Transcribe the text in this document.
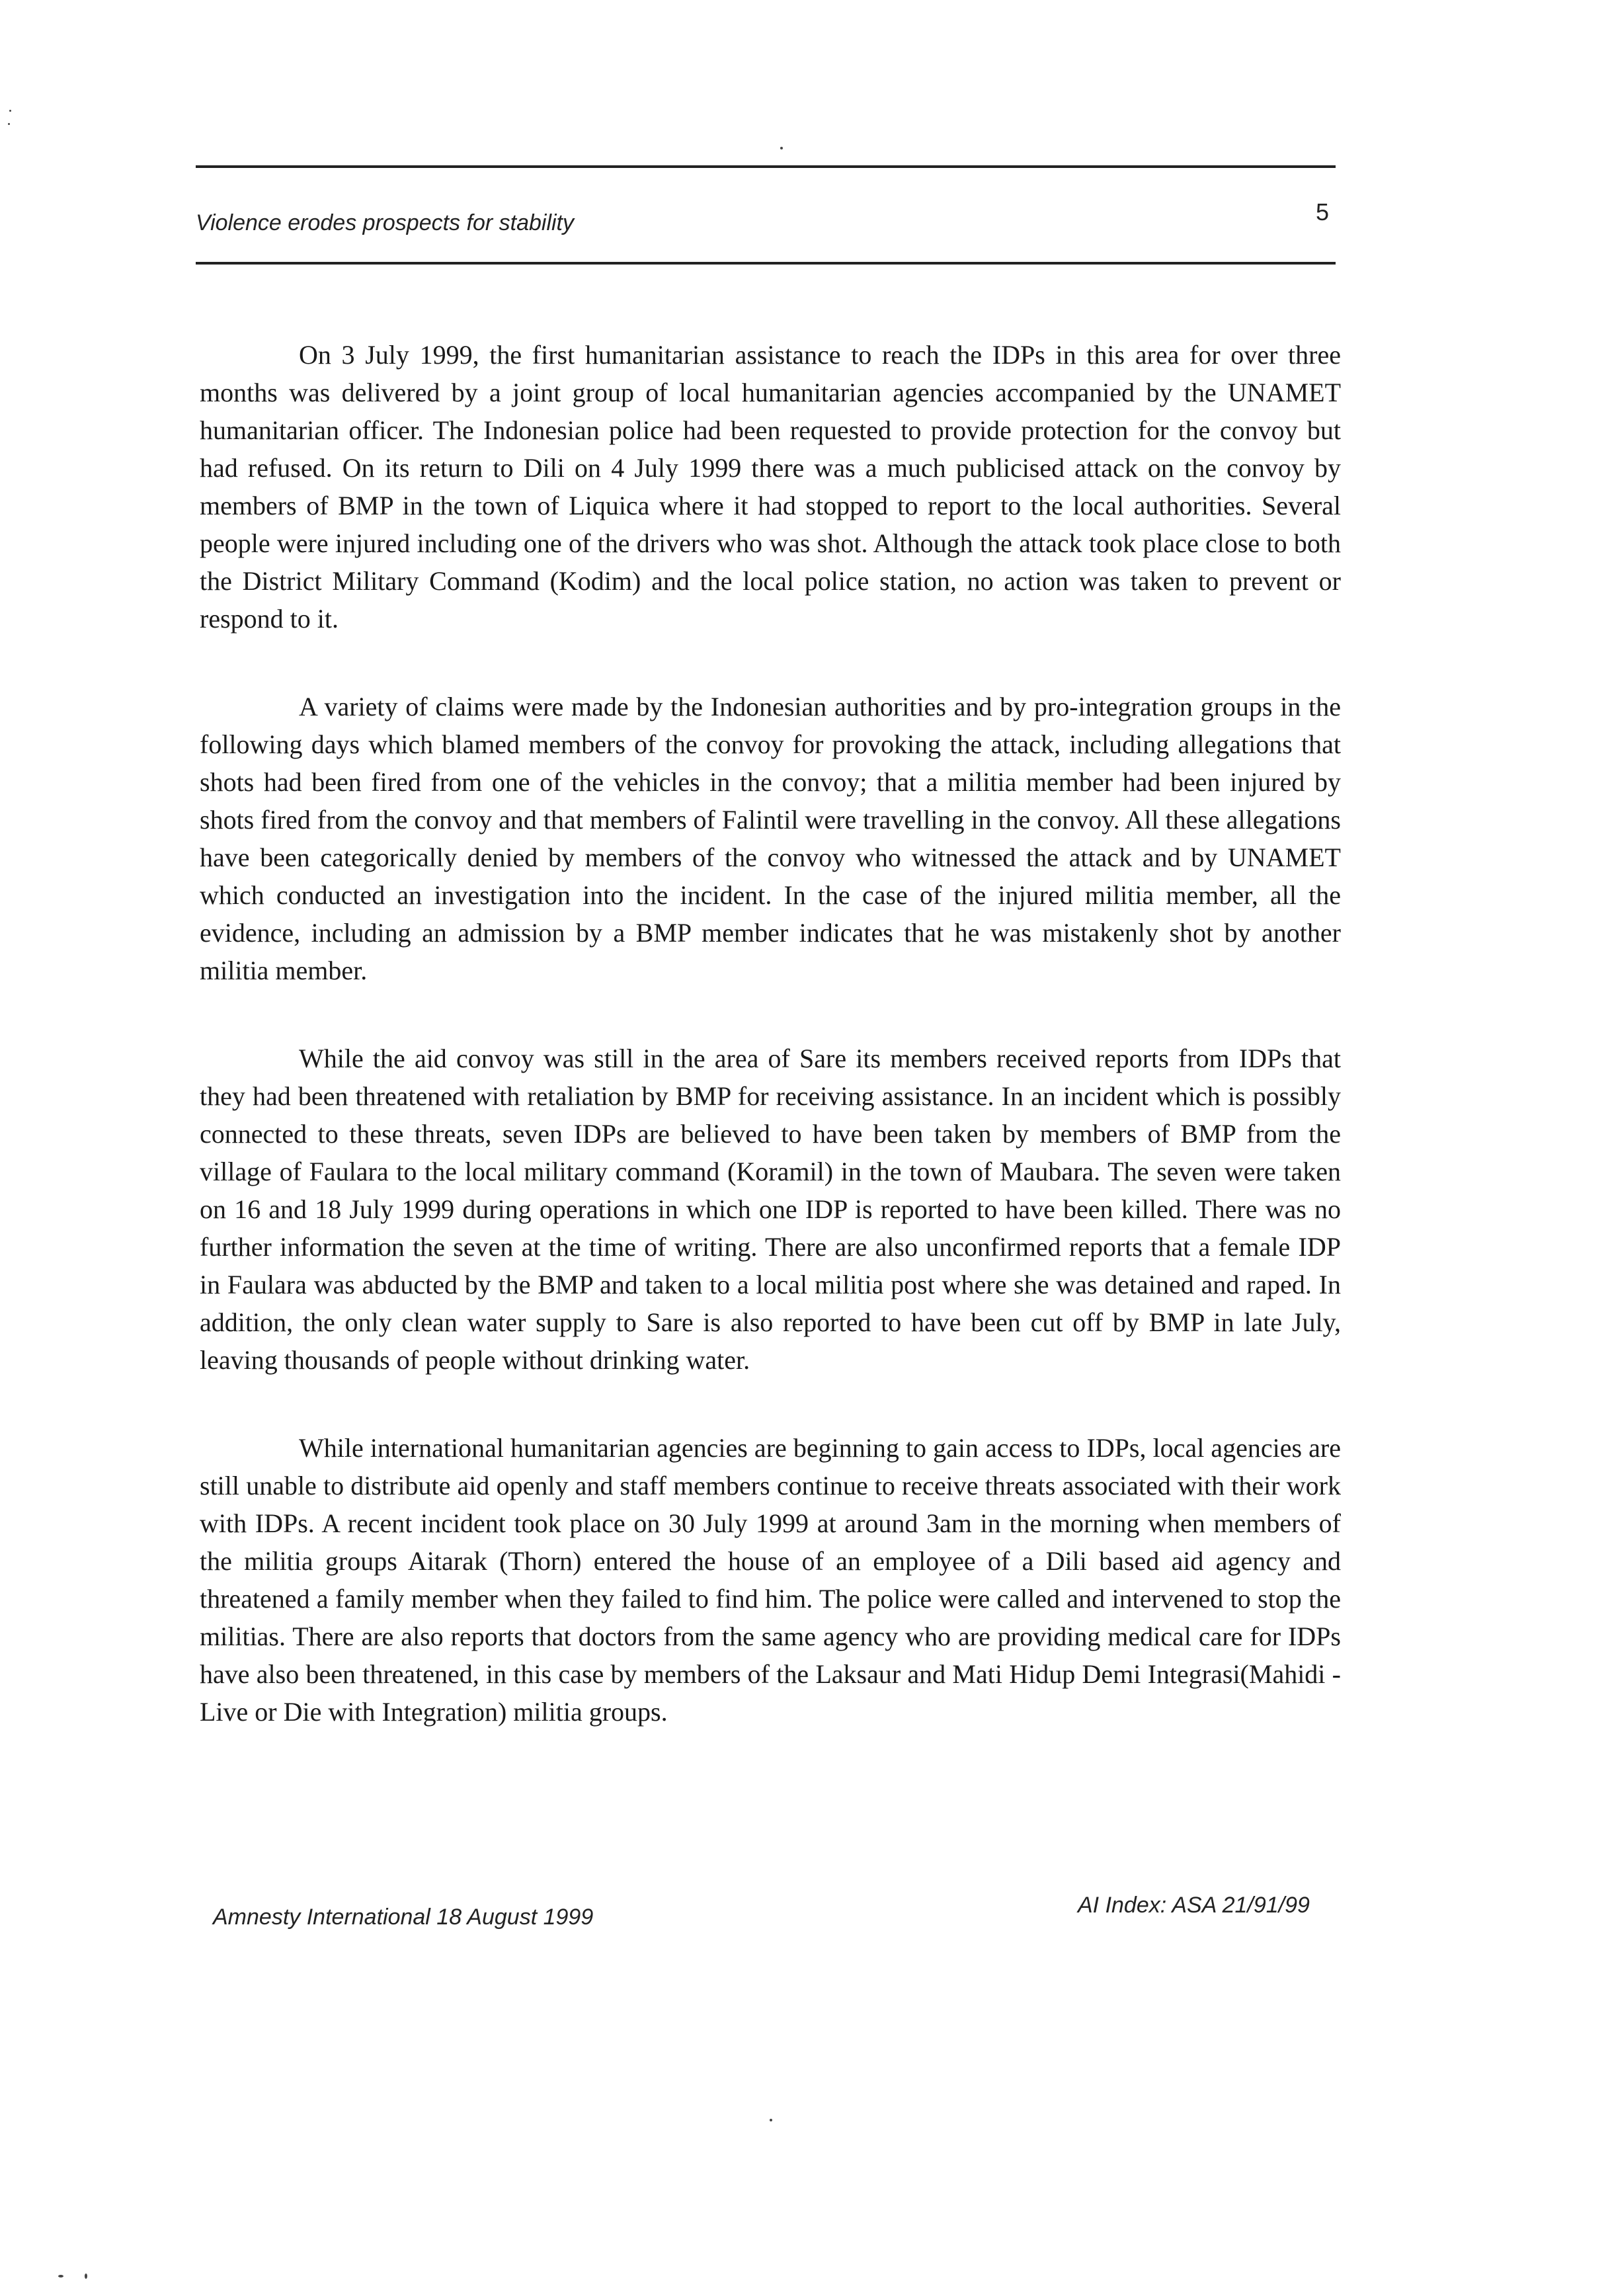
Violence erodes prospects for stability	5

On 3 July 1999, the first humanitarian assistance to reach the IDPs in this area for over three months was delivered by a joint group of local humanitarian agencies accompanied by the UNAMET humanitarian officer. The Indonesian police had been requested to provide protection for the convoy but had refused. On its return to Dili on 4 July 1999 there was a much publicised attack on the convoy by members of BMP in the town of Liquica where it had stopped to report to the local authorities. Several people were injured including one of the drivers who was shot. Although the attack took place close to both the District Military Command (Kodim) and the local police station, no action was taken to prevent or respond to it.

A variety of claims were made by the Indonesian authorities and by pro-integration groups in the following days which blamed members of the convoy for provoking the attack, including allegations that shots had been fired from one of the vehicles in the convoy; that a militia member had been injured by shots fired from the convoy and that members of Falintil were travelling in the convoy. All these allegations have been categorically denied by members of the convoy who witnessed the attack and by UNAMET which conducted an investigation into the incident. In the case of the injured militia member, all the evidence, including an admission by a BMP member indicates that he was mistakenly shot by another militia member.

While the aid convoy was still in the area of Sare its members received reports from IDPs that they had been threatened with retaliation by BMP for receiving assistance. In an incident which is possibly connected to these threats, seven IDPs are believed to have been taken by members of BMP from the village of Faulara to the local military command (Koramil) in the town of Maubara. The seven were taken on 16 and 18 July 1999 during operations in which one IDP is reported to have been killed. There was no further information the seven at the time of writing. There are also unconfirmed reports that a female IDP in Faulara was abducted by the BMP and taken to a local militia post where she was detained and raped. In addition, the only clean water supply to Sare is also reported to have been cut off by BMP in late July, leaving thousands of people without drinking water.

While international humanitarian agencies are beginning to gain access to IDPs, local agencies are still unable to distribute aid openly and staff members continue to receive threats associated with their work with IDPs. A recent incident took place on 30 July 1999 at around 3am in the morning when members of the militia groups Aitarak (Thorn) entered the house of an employee of a Dili based aid agency and threatened a family member when they failed to find him. The police were called and intervened to stop the militias. There are also reports that doctors from the same agency who are providing medical care for IDPs have also been threatened, in this case by members of the Laksaur and Mati Hidup Demi Integrasi(Mahidi - Live or Die with Integration) militia groups.

Amnesty International 18 August 1999	AI Index: ASA 21/91/99
